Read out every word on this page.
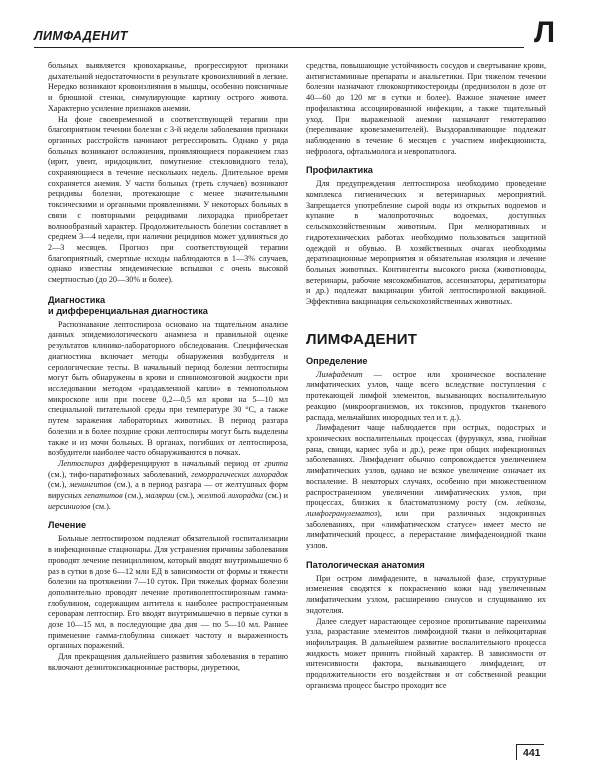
ЛИМФАДЕНИТ	Л

больных выявляется кровохарканье, прогрессируют признаки дыхательной недостаточности в результате кровоизлияний в легкие. Нередко возникают кровоизлияния в мышцы, особенно поясничные и брюшной стенки, симулирующие картину острого живота. Характерно усиление признаков анемии.

На фоне своевременной и соответствующей терапии при благоприятном течении болезни с 3-й недели заболевания признаки органных расстройств начинают регрессировать. Однако у ряда больных возникают осложнения, проявляющиеся поражением глаз (ирит, увеит, иридоциклит, помутнение стекловидного тела), сохраняющиеся в течение нескольких недель. Длительное время сохраняется анемия. У части больных (треть случаев) возникают рецидивы болезни, протекающие с менее значительными токсическими и органными проявлениями. У некоторых больных в связи с повторными рецидивами лихорадка приобретает волнообразный характер. Продолжительность болезни составляет в среднем 3—4 недели, при наличии рецидивов может удлиняться до 2—3 месяцев. Прогноз при соответствующей терапии благоприятный, смертные исходы наблюдаются в 1—3% случаев, однако известны эпидемические вспышки с очень высокой смертностью (до 20—30% и более).

Диагностика
и дифференциальная диагностика

Распознавание лептоспироза основано на тщательном анализе данных эпидемиологического анамнеза и правильной оценке результатов клинико-лабораторного обследования. Специфическая диагностика включает методы обнаружения возбудителя и серологические тесты. В начальный период болезни лептоспиры могут быть обнаружены в крови и спинномозговой жидкости при исследовании методом «раздавленной капли» в темнопольном микроскопе или при посеве 0,2—0,5 мл крови на 5—10 мл специальной питательной среды при температуре 30 °С, а также путем заражения лабораторных животных. В период разгара болезни и в более поздние сроки лептоспиры могут быть выделены также и из мочи больных. В органах, погибших от лептоспироза, возбудители наиболее часто обнаруживаются в почках.

Лептоспироз дифференцируют в начальный период от гриппа (см.), тифо-паратифозных заболеваний, геморрагических лихорадок (см.), менингитов (см.), а в период разгара — от желтушных форм вирусных гепатитов (см.), малярии (см.), желтой лихорадки (см.) и иерсиниозов (см.).

Лечение

Больные лептоспирозом подлежат обязательной госпитализации в инфекционные стационары. Для устранения причины заболевания проводят лечение пенициллином, который вводят внутримышечно 6 раз в сутки в дозе 6—12 млн ЕД в зависимости от формы и тяжести болезни на протяжении 7—10 суток. При тяжелых формах болезни дополнительно проводят лечение противолептоспирозным гамма-глобулином, содержащим антитела к наиболее распространенным сероварам лептоспир. Его вводят внутримышечно в первые сутки в дозе 10—15 мл, в последующие два дня — по 5—10 мл. Раннее применение гамма-глобулина снижает частоту и выраженность органных поражений.

Для прекращения дальнейшего развития заболевания в терапию включают дезинтоксикационные растворы, диуретики,

средства, повышающие устойчивость сосудов и свертывание крови, антигистаминные препараты и анальгетики. При тяжелом течении болезни назначают глюкокортикостероиды (преднизолон в дозе от 40—60 до 120 мг в сутки и более). Важное значение имеет профилактика ассоциированной инфекции, а также тщательный уход. При выраженной анемии назначают гемотерапию (переливание кровезаменителей). Выздоравливающие подлежат наблюдению в течение 6 месяцев с участием инфекциониста, нефролога, офтальмолога и невропатолога.

Профилактика

Для предупреждения лептоспироза необходимо проведение комплекса гигиенических и ветеринарных мероприятий. Запрещается употребление сырой воды из открытых водоемов и купание в малопроточных водоемах, доступных сельскохозяйственным животным. При мелиоративных и гидротехнических работах необходимо пользоваться защитной одеждой и обувью. В хозяйственных очагах необходимы дератизационные мероприятия и обязательная изоляция и лечение больных животных. Контингенты высокого риска (животноводы, ветеринары, рабочие мясокомбинатов, ассенизаторы, дератизаторы и др.) подлежат вакцинации убитой лептоспирозной вакциной. Эффективна вакцинация сельскохозяйственных животных.

ЛИМФАДЕНИТ
Определение

Лимфаденит — острое или хроническое воспаление лимфатических узлов, чаще всего вследствие поступления с протекающей лимфой элементов, вызывающих воспалительную реакцию (микроорганизмов, их токсинов, продуктов тканевого распада, мельчайших инородных тел и т. д.).

Лимфаденит чаще наблюдается при острых, подострых и хронических воспалительных процессах (фурункул, язва, гнойная рана, свищи, кариес зуба и др.), реже при общих инфекционных заболеваниях. Лимфаденит обычно сопровождается увеличением лимфатических узлов, однако не всякое увеличение означает их воспаление. В некоторых случаях, особенно при множественном распространенном увеличении лимфатических узлов, при процессах, близких к бластоматозному росту (см. лейкозы, лимфогранулематоз), или при различных эндокринных заболеваниях, при «лимфатическом статусе» имеет место не лимфатический процесс, а перерастание лимфаденоидной ткани узлов.

Патологическая анатомия

При остром лимфадените, в начальной фазе, структурные изменения сводятся к покраснению кожи над увеличенным лимфатическим узлом, расширению синусов и слущиванию их эндотелия.

Далее следует нарастающее серозное пропитывание паренхимы узла, разрастание элементов лимфоидной ткани и лейкоцитарная инфильтрация. В дальнейшем развитие воспалительного процесса жидкость может принять гнойный характер. В зависимости от интенсивности фактора, вызывающего лимфаденит, от продолжительности его воздействия и от собственной реакции организма процесс быстро проходит все

441
